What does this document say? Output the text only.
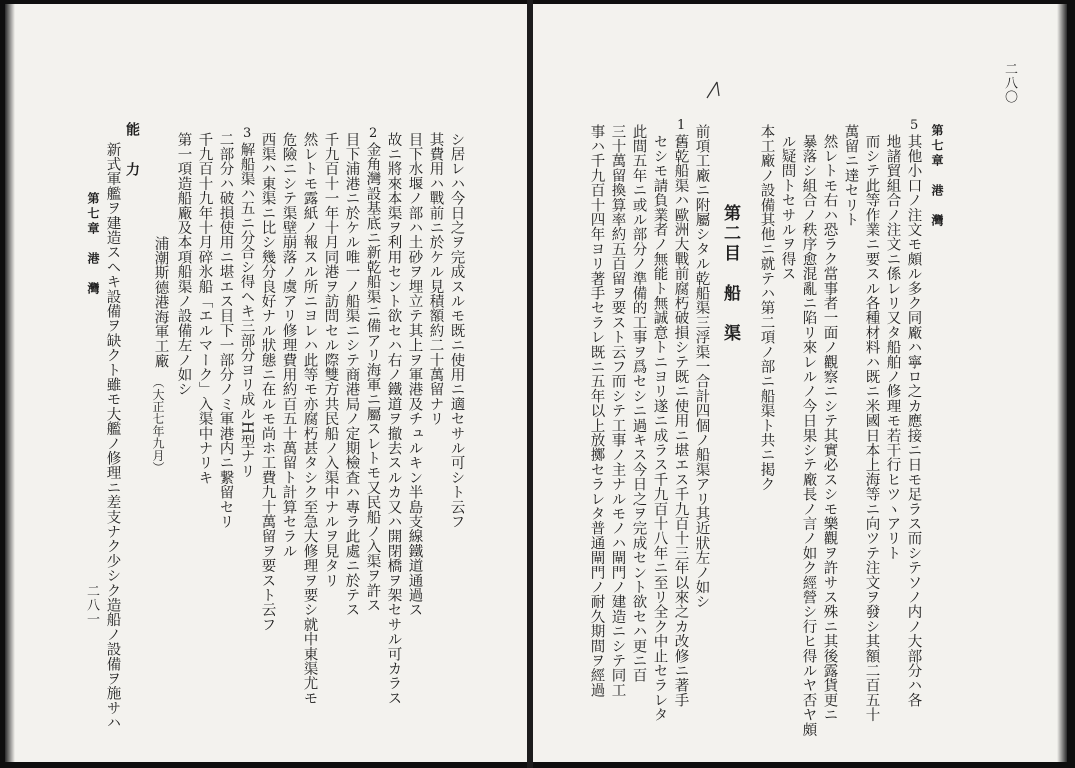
第七章　港　灣
二八一 新式軍艦ヲ建造スヘキ設備ヲ缺クト雖モ大艦ノ修理ニ差支ナク少シク造船ノ設備ヲ施サハ 能　力
浦潮斯德港海軍工廠
（大正七年九月）
第一項造船廠及本項船渠ノ設備左ノ如シ 千九百十九年十月碎氷船「エルマーク」入渠中ナリキ 二部分ハ破損使用ニ堪エス目下一部分ノミ軍港内ニ繋留セリ 解船渠ハ五ニ分合シ得ヘキ三部分ヨリ成ルH型ナリ
3 西渠ハ東渠ニ比シ幾分良好ナル狀態ニ在ルモ尚ホ工費九十萬留ヲ要スト云フ 危險ニシテ渠壁崩落ノ虞アリ修理費用約百五十萬留ト計算セラル 然レトモ露紙ノ報スル所ニヨレハ此等モ亦腐朽甚タシク至急大修理ヲ要シ就中東渠尤モ 千九百十一年十月同港ヲ訪問セル際雙方共民船ノ入渠中ナルヲ見タリ 目下浦港ニ於ケル唯一ノ船渠ニシテ商港局ノ定期檢査ハ專ラ此處ニ於テス 金角灣設基底ニ新乾船渠ニ備アリ海軍ニ屬スレトモ又民船ノ入渠ヲ許ス
2 故ニ將來本渠ヲ利用セント欲セハ右ノ鐵道ヲ撤去スルカ又ハ開閉橋ヲ架セサル可カラス 目下水堰ノ部ハ土砂ヲ埋立テ其上ヲ軍港及チュルキン半島支線鐵道通過ス 其費用ハ戰前ニ於ケル見積額約二十萬留ナリ シ居レハ今日之ヲ完成スルモ既ニ使用ニ適セサル可シト云フ
二八〇
事ハ千九百十四年ヨリ著手セラレ既ニ五年以上放擲セラレタ普通閘門ノ耐久期間ヲ經過 三十萬留換算率約五百留ヲ要スト云フ而シテ工事ノ主ナルモノハ閘門ノ建造ニシテ同工 此間五年ニ或ル部分ノ準備的工事ヲ爲セシニ過キス今日之ヲ完成セント欲セハ更ニ百 セシモ請負業者ノ無能ト無誠意トニヨリ遂ニ成ラス千九百十八年ニ至リ全ク中止セラレタ 舊乾船渠ハ歐洲大戰前腐朽破損シテ既ニ使用ニ堪エス千九百十三年以來之カ改修ニ著手
1 前項工廠ニ附屬シタル乾船渠三浮渠一合計四個ノ船渠アリ其近狀左ノ如シ 第二目　船　渠 本工廠ノ設備其他ニ就テハ第二項ノ部ニ船渠ト共ニ掲ク ル疑問トセサルヲ得ス 暴落シ組合ノ秩序愈混亂ニ陷リ來レルノ今日果シテ廠長ノ言ノ如ク經營シ行ヒ得ルヤ否ヤ頗 然レトモ右ハ恐ラク當事者一面ノ觀察ニシテ其實必スシモ樂觀ヲ許サス殊ニ其後露貨更ニ 萬留ニ達セリト 而シテ此等作業ニ要スル各種材料ハ既ニ米國日本上海等ニ向ツテ注文ヲ發シ其額二百五十 地諸貿組合ノ注文ニ係レリ又タ船舶ノ修理モ若干行ヒツヽアリト 其他小口ノ注文モ頗ル多ク同廠ハ寧ロ之カ應接ニ日モ足ラス而シテソノ内ノ大部分ハ各
5 第七章　港　灣
